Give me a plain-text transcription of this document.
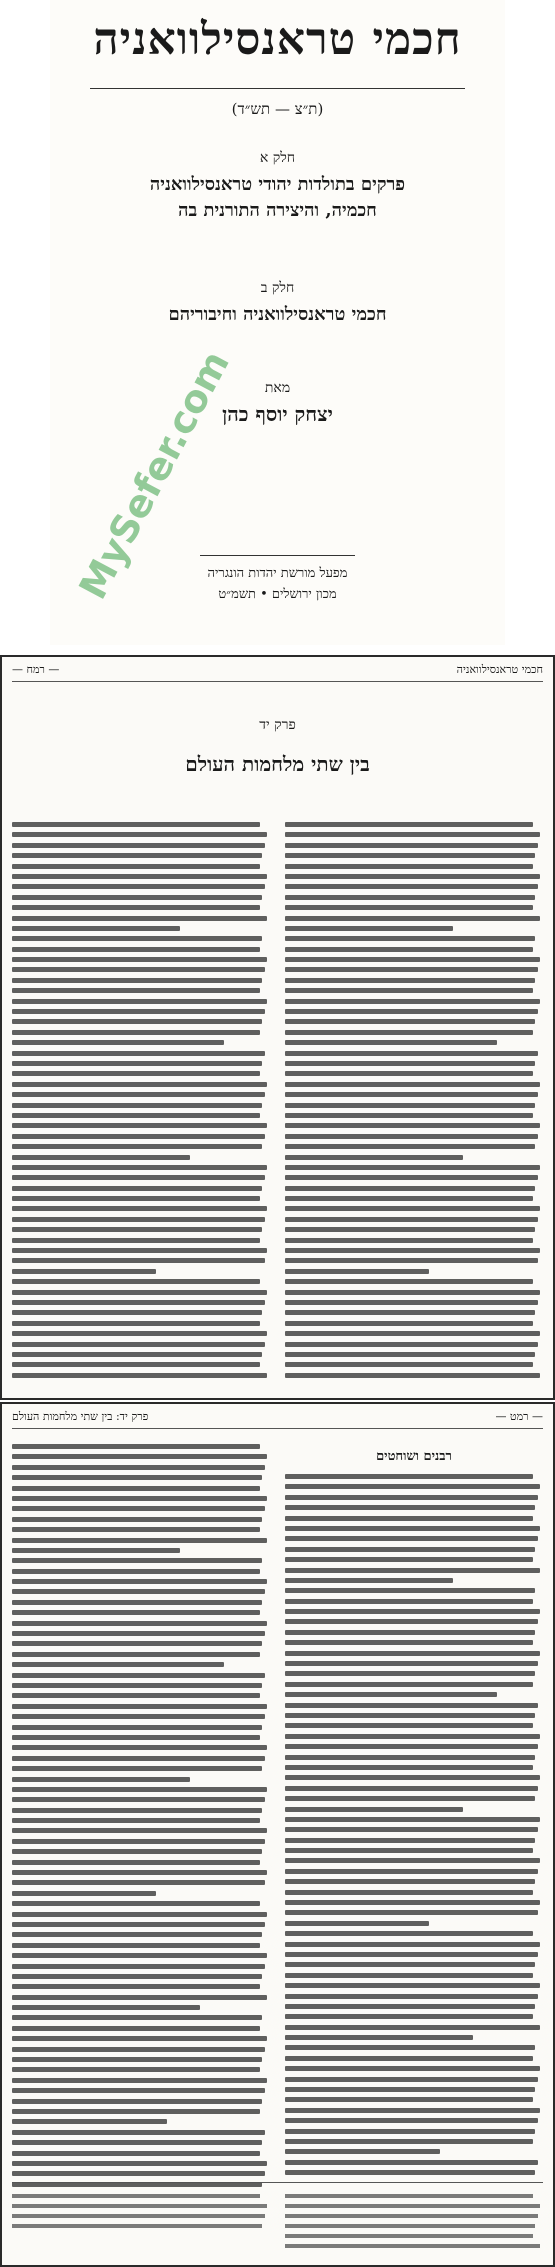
חכמי טראנסילוואניה
(ת״צ — תש״ד)
חלק א
פרקים בתולדות יהודי טראנסילוואניה
חכמיה, והיצירה התורנית בה
חלק ב
חכמי טראנסילוואניה וחיבוריהם
מאת
יצחק יוסף כהן
מפעל מורשת יהדות הונגריה
מכון ירושלים • תשמ״ט
MySefer.com
חכמי טראנסילוואניה
— רמח —
פרק יד
בין שתי מלחמות העולם
— רמט —
פרק יד: בין שתי מלחמות העולם
רבנים ושוחטים
